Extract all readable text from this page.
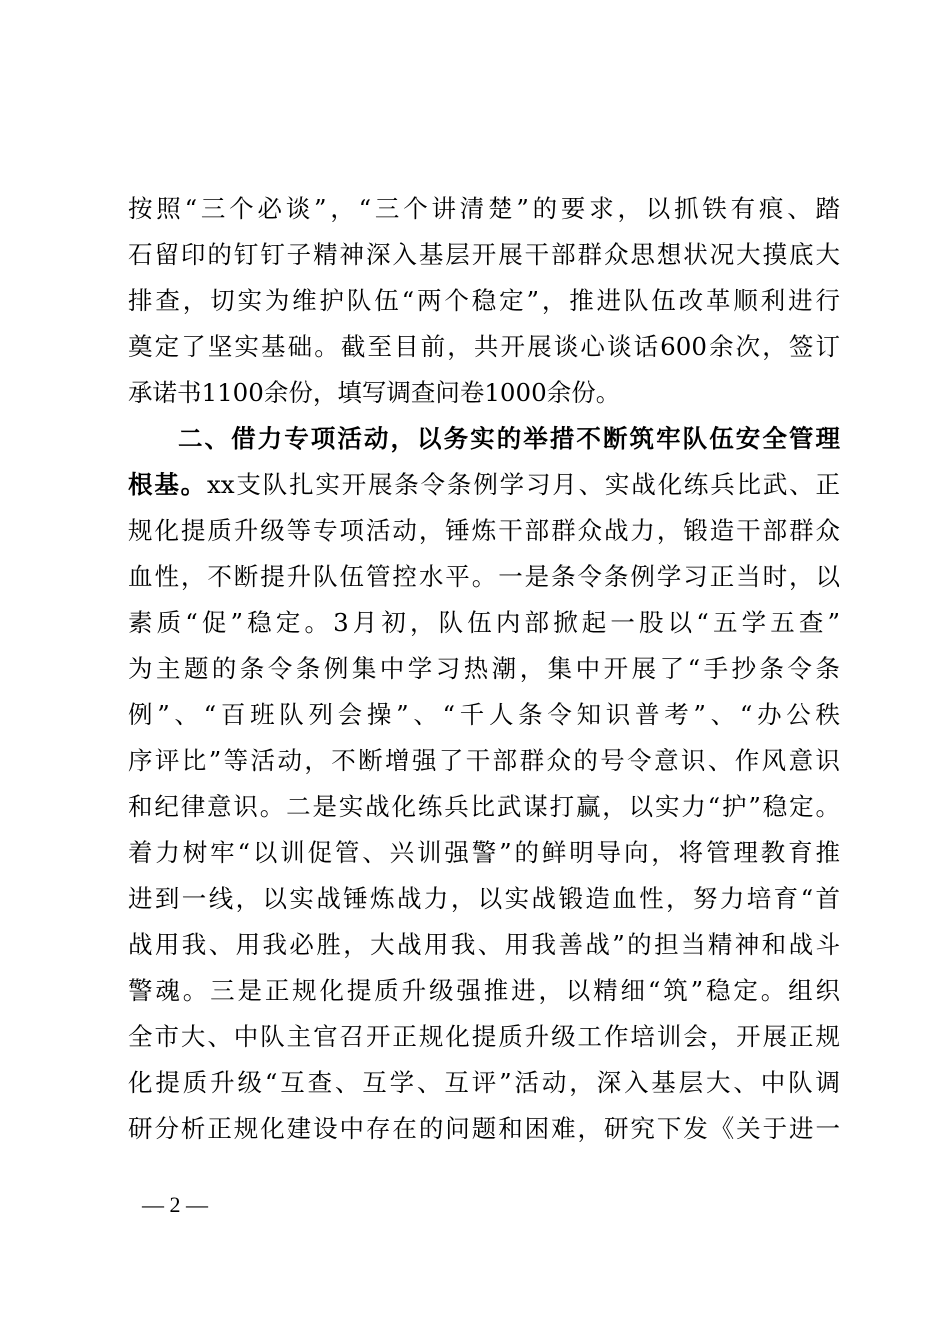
按照“三个必谈”，“三个讲清楚”的要求，以抓铁有痕、踏
石留印的钉钉子精神深入基层开展干部群众思想状况大摸底大
排查，切实为维护队伍“两个稳定”，推进队伍改革顺利进行
奠定了坚实基础。截至目前，共开展谈心谈话600余次，签订
承诺书1100余份，填写调查问卷1000余份。
二、借力专项活动，以务实的举措不断筑牢队伍安全管理
根基。xx支队扎实开展条令条例学习月、实战化练兵比武、正
规化提质升级等专项活动，锤炼干部群众战力，锻造干部群众
血性，不断提升队伍管控水平。一是条令条例学习正当时，以
素质“促”稳定。3月初，队伍内部掀起一股以“五学五查”
为主题的条令条例集中学习热潮，集中开展了“手抄条令条
例”、“百班队列会操”、“千人条令知识普考”、“办公秩
序评比”等活动，不断增强了干部群众的号令意识、作风意识
和纪律意识。二是实战化练兵比武谋打赢，以实力“护”稳定。
着力树牢“以训促管、兴训强警”的鲜明导向，将管理教育推
进到一线，以实战锤炼战力，以实战锻造血性，努力培育“首
战用我、用我必胜，大战用我、用我善战”的担当精神和战斗
警魂。三是正规化提质升级强推进，以精细“筑”稳定。组织
全市大、中队主官召开正规化提质升级工作培训会，开展正规
化提质升级“互查、互学、互评”活动，深入基层大、中队调
研分析正规化建设中存在的问题和困难，研究下发《关于进一
— 2 —
